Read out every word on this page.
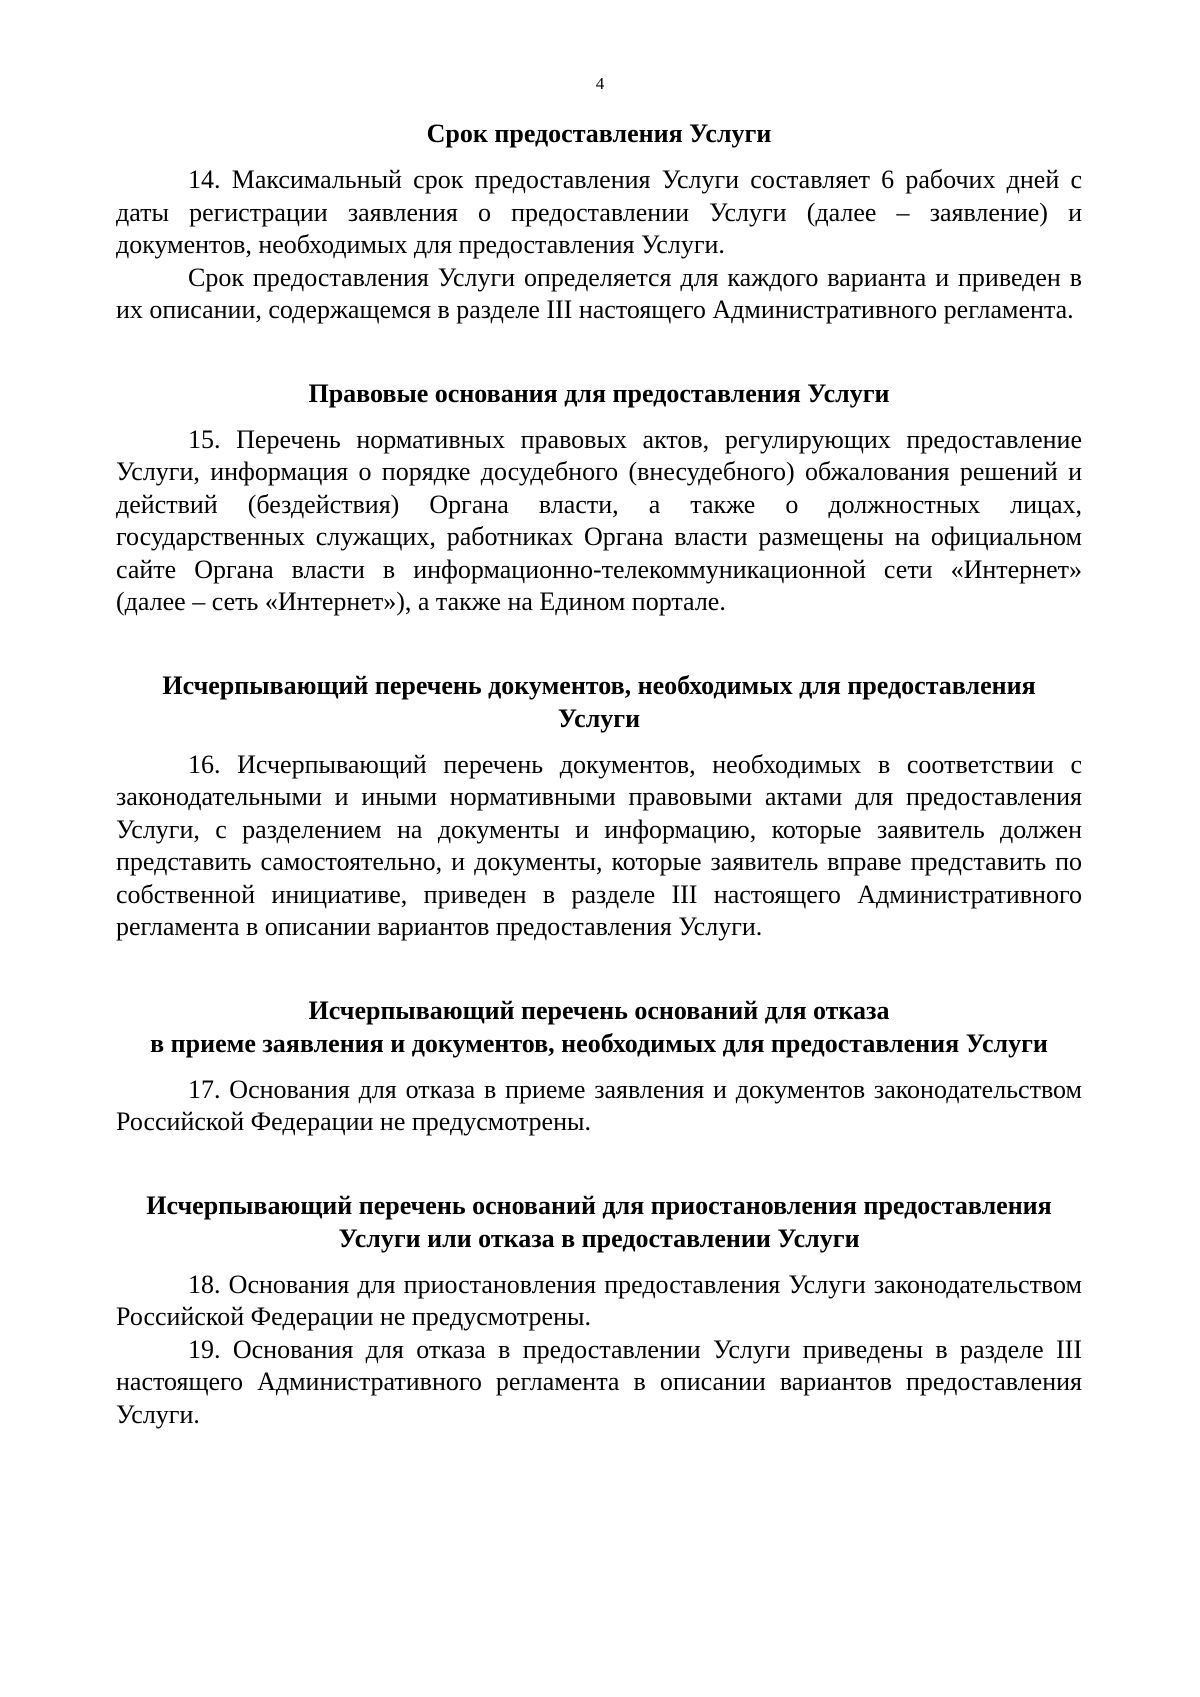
4
Срок предоставления Услуги

14. Максимальный срок предоставления Услуги составляет 6 рабочих дней с даты регистрации заявления о предоставлении Услуги (далее – заявление) и документов, необходимых для предоставления Услуги.

Срок предоставления Услуги определяется для каждого варианта и приведен в их описании, содержащемся в разделе III настоящего Административного регламента.

Правовые основания для предоставления Услуги

15. Перечень нормативных правовых актов, регулирующих предоставление Услуги, информация о порядке досудебного (внесудебного) обжалования решений и действий (бездействия) Органа власти, а также о должностных лицах, государственных служащих, работниках Органа власти размещены на официальном сайте Органа власти в информационно-телекоммуникационной сети «Интернет» (далее – сеть «Интернет»), а также на Едином портале.

Исчерпывающий перечень документов, необходимых для предоставления
Услуги

16. Исчерпывающий перечень документов, необходимых в соответствии с законодательными и иными нормативными правовыми актами для предоставления Услуги, с разделением на документы и информацию, которые заявитель должен представить самостоятельно, и документы, которые заявитель вправе представить по собственной инициативе, приведен в разделе III настоящего Административного регламента в описании вариантов предоставления Услуги.

Исчерпывающий перечень оснований для отказа
в приеме заявления и документов, необходимых для предоставления Услуги

17. Основания для отказа в приеме заявления и документов законодательством Российской Федерации не предусмотрены.

Исчерпывающий перечень оснований для приостановления предоставления
Услуги или отказа в предоставлении Услуги

18. Основания для приостановления предоставления Услуги законодательством Российской Федерации не предусмотрены.

19. Основания для отказа в предоставлении Услуги приведены в разделе III настоящего Административного регламента в описании вариантов предоставления Услуги.
